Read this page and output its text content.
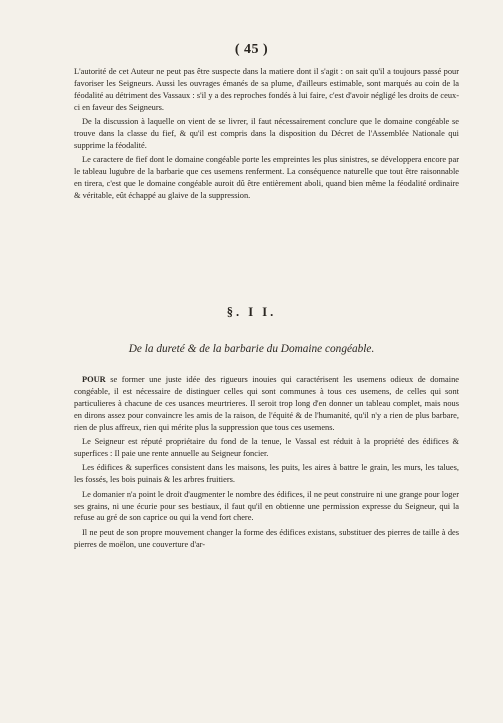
( 45 )

L'autorité de cet Auteur ne peut pas être suspecte dans la matiere dont il s'agit : on sait qu'il a toujours passé pour favoriser les Seigneurs. Aussi les ouvrages émanés de sa plume, d'ailleurs estimable, sont marqués au coin de la féodalité au détriment des Vassaux : s'il y a des reproches fondés à lui faire, c'est d'avoir négligé les droits de ceux-ci en faveur des Seigneurs.

De la discussion à laquelle on vient de se livrer, il faut nécessairement conclure que le domaine congéable se trouve dans la classe du fief, & qu'il est compris dans la disposition du Décret de l'Assemblée Nationale qui supprime la féodalité.

Le caractere de fief dont le domaine congéable porte les empreintes les plus sinistres, se développera encore par le tableau lugubre de la barbarie que ces usemens renferment. La conséquence naturelle que tout être raisonnable en tirera, c'est que le domaine congéable auroit dû être entièrement aboli, quand bien même la féodalité ordinaire & véritable, eût échappé au glaive de la suppression.

§. I I.
De la dureté & de la barbarie du Domaine congéable.

POUR se former une juste idée des rigueurs inouies qui caractérisent les usemens odieux de domaine congéable, il est nécessaire de distinguer celles qui sont communes à tous ces usemens, de celles qui sont particulieres à chacune de ces usances meurtrieres. Il seroit trop long d'en donner un tableau complet, mais nous en dirons assez pour convaincre les amis de la raison, de l'équité & de l'humanité, qu'il n'y a rien de plus barbare, rien de plus affreux, rien qui mérite plus la suppression que tous ces usemens.

Le Seigneur est réputé propriétaire du fond de la tenue, le Vassal est réduit à la propriété des édifices & superfices : Il paie une rente annuelle au Seigneur foncier.

Les édifices & superfices consistent dans les maisons, les puits, les aires à battre le grain, les murs, les talues, les fossés, les bois puinais & les arbres fruitiers.

Le domanier n'a point le droit d'augmenter le nombre des édifices, il ne peut construire ni une grange pour loger ses grains, ni une écurie pour ses bestiaux, il faut qu'il en obtienne une permission expresse du Seigneur, qui la refuse au gré de son caprice ou qui la vend fort chere.

Il ne peut de son propre mouvement changer la forme des édifices existans, substituer des pierres de taille à des pierres de moëlon, une couverture d'ar-
